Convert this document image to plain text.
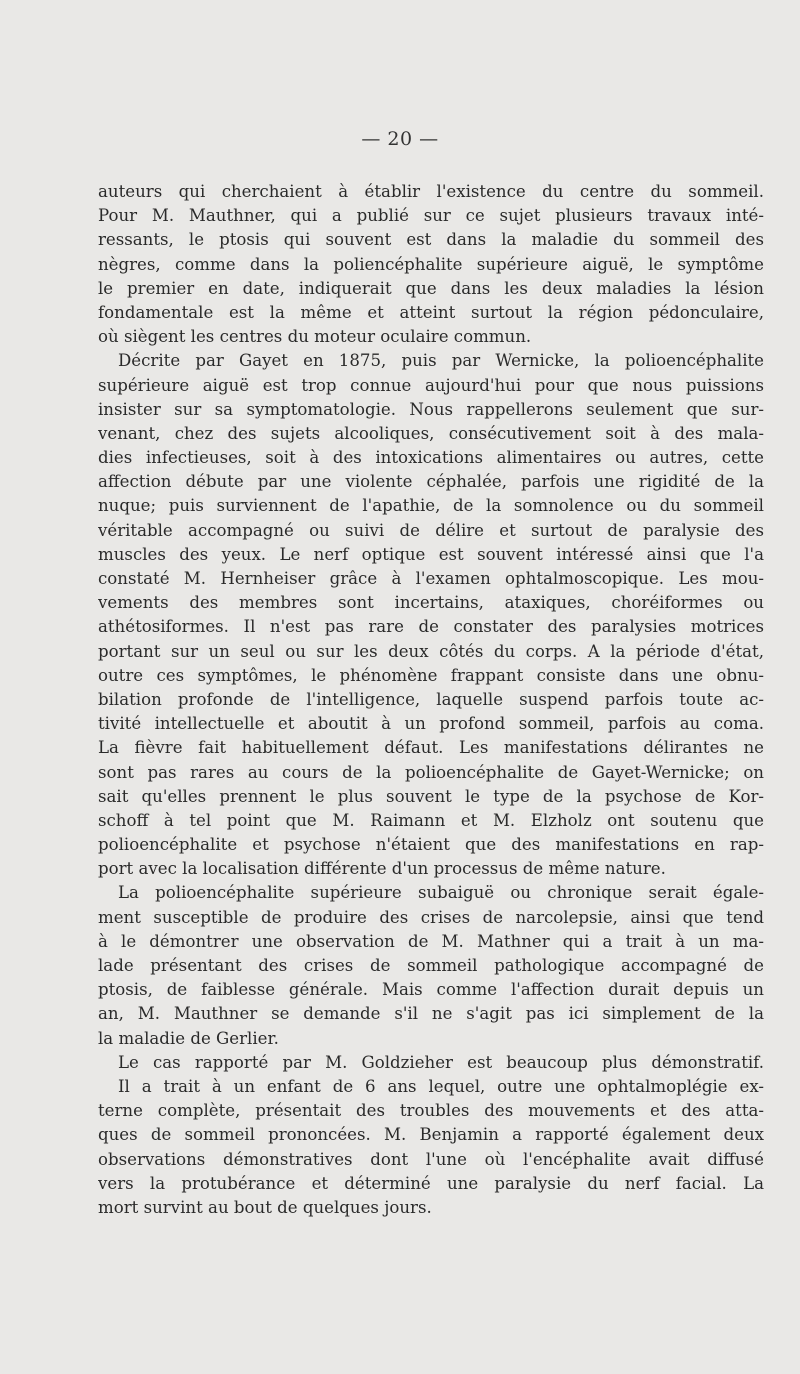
— 20 —
auteurs qui cherchaient à établir l'existence du centre du sommeil.
Pour M. Mauthner, qui a publié sur ce sujet plusieurs travaux inté-
ressants, le ptosis qui souvent est dans la maladie du sommeil des
nègres, comme dans la poliencéphalite supérieure aiguë, le symptôme
le premier en date, indiquerait que dans les deux maladies la lésion
fondamentale est la même et atteint surtout la région pédonculaire,
où siègent les centres du moteur oculaire commun.
Décrite par Gayet en 1875, puis par Wernicke, la polioencéphalite
supérieure aiguë est trop connue aujourd'hui pour que nous puissions
insister sur sa symptomatologie. Nous rappellerons seulement que sur-
venant, chez des sujets alcooliques, consécutivement soit à des mala-
dies infectieuses, soit à des intoxications alimentaires ou autres, cette
affection débute par une violente céphalée, parfois une rigidité de la
nuque; puis surviennent de l'apathie, de la somnolence ou du sommeil
véritable accompagné ou suivi de délire et surtout de paralysie des
muscles des yeux. Le nerf optique est souvent intéressé ainsi que l'a
constaté M. Hernheiser grâce à l'examen ophtalmoscopique. Les mou-
vements des membres sont incertains, ataxiques, choréiformes ou
athétosiformes. Il n'est pas rare de constater des paralysies motrices
portant sur un seul ou sur les deux côtés du corps. A la période d'état,
outre ces symptômes, le phénomène frappant consiste dans une obnu-
bilation profonde de l'intelligence, laquelle suspend parfois toute ac-
tivité intellectuelle et aboutit à un profond sommeil, parfois au coma.
La fièvre fait habituellement défaut. Les manifestations délirantes ne
sont pas rares au cours de la polioencéphalite de Gayet-Wernicke; on
sait qu'elles prennent le plus souvent le type de la psychose de Kor-
schoff à tel point que M. Raimann et M. Elzholz ont soutenu que
polioencéphalite et psychose n'étaient que des manifestations en rap-
port avec la localisation différente d'un processus de même nature.
La polioencéphalite supérieure subaiguë ou chronique serait égale-
ment susceptible de produire des crises de narcolepsie, ainsi que tend
à le démontrer une observation de M. Mathner qui a trait à un ma-
lade présentant des crises de sommeil pathologique accompagné de
ptosis, de faiblesse générale. Mais comme l'affection durait depuis un
an, M. Mauthner se demande s'il ne s'agit pas ici simplement de la
la maladie de Gerlier.
Le cas rapporté par M. Goldzieher est beaucoup plus démonstratif.
Il a trait à un enfant de 6 ans lequel, outre une ophtalmoplégie ex-
terne complète, présentait des troubles des mouvements et des atta-
ques de sommeil prononcées. M. Benjamin a rapporté également deux
observations démonstratives dont l'une où l'encéphalite avait diffusé
vers la protubérance et déterminé une paralysie du nerf facial. La
mort survint au bout de quelques jours.
